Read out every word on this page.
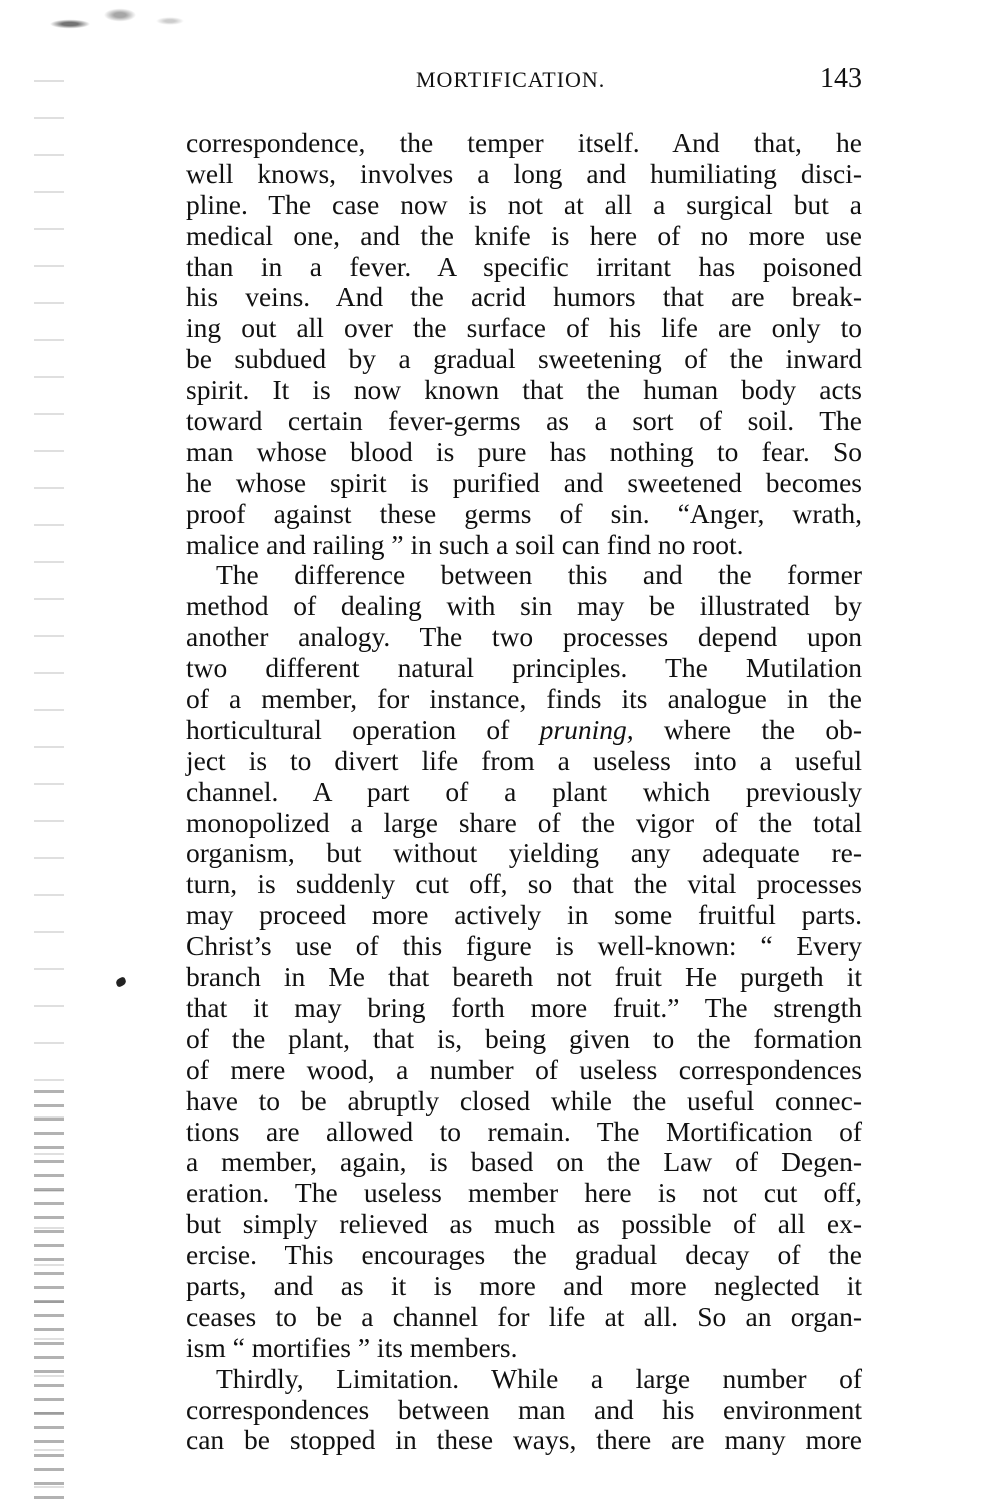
MORTIFICATION.	143
correspondence, the temper itself. And that, he
well knows, involves a long and humiliating disci-
pline. The case now is not at all a surgical but a
medical one, and the knife is here of no more use
than in a fever. A specific irritant has poisoned
his veins. And the acrid humors that are break-
ing out all over the surface of his life are only to
be subdued by a gradual sweetening of the inward
spirit. It is now known that the human body acts
toward certain fever-germs as a sort of soil. The
man whose blood is pure has nothing to fear. So
he whose spirit is purified and sweetened becomes
proof against these germs of sin. “Anger, wrath,
malice and railing ” in such a soil can find no root.
The difference between this and the former
method of dealing with sin may be illustrated by
another analogy. The two processes depend upon
two different natural principles. The Mutilation
of a member, for instance, finds its analogue in the
horticultural operation of pruning, where the ob-
ject is to divert life from a useless into a useful
channel. A part of a plant which previously
monopolized a large share of the vigor of the total
organism, but without yielding any adequate re-
turn, is suddenly cut off, so that the vital processes
may proceed more actively in some fruitful parts.
Christ’s use of this figure is well-known: “ Every
branch in Me that beareth not fruit He purgeth it
that it may bring forth more fruit.” The strength
of the plant, that is, being given to the formation
of mere wood, a number of useless correspondences
have to be abruptly closed while the useful connec-
tions are allowed to remain. The Mortification of
a member, again, is based on the Law of Degen-
eration. The useless member here is not cut off,
but simply relieved as much as possible of all ex-
ercise. This encourages the gradual decay of the
parts, and as it is more and more neglected it
ceases to be a channel for life at all. So an organ-
ism “ mortifies ” its members.
Thirdly, Limitation. While a large number of
correspondences between man and his environment
can be stopped in these ways, there are many more
